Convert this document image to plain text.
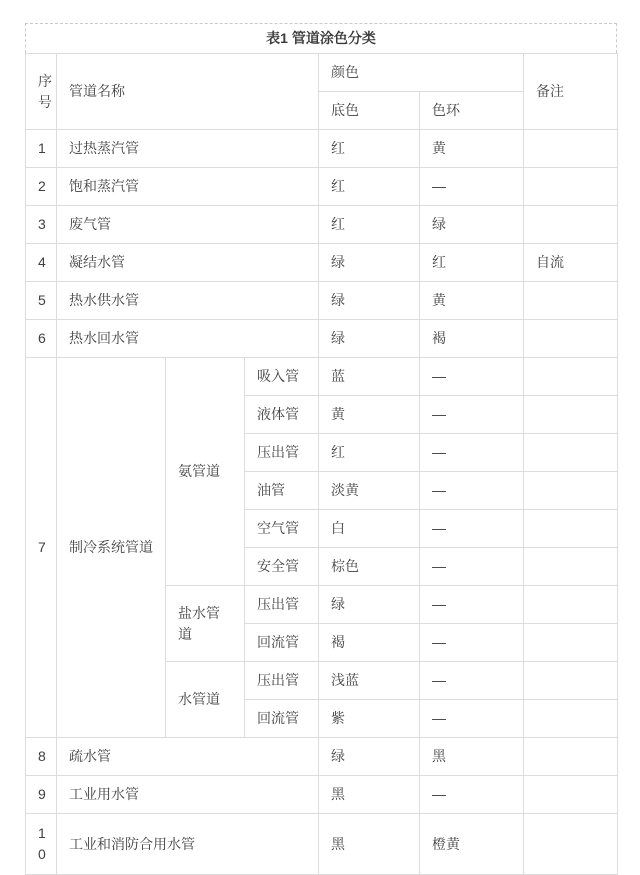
表1 管道涂色分类
序号	管道名称			颜色		备注
				底色	色环	
1	过热蒸汽管			红	黄	
2	饱和蒸汽管			红	—	
3	废气管			红	绿	
4	凝结水管			绿	红	自流
5	热水供水管			绿	黄	
6	热水回水管			绿	褐	
7	制冷系统管道	氨管道	吸入管	蓝	—	
			液体管	黄	—	
			压出管	红	—	
			油管	淡黄	—	
			空气管	白	—	
			安全管	棕色	—	
		盐水管道	压出管	绿	—	
			回流管	褐	—	
		水管道	压出管	浅蓝	—	
			回流管	紫	—	
8	疏水管			绿	黑	
9	工业用水管			黑	—	
10	工业和消防合用水管			黑	橙黄	
